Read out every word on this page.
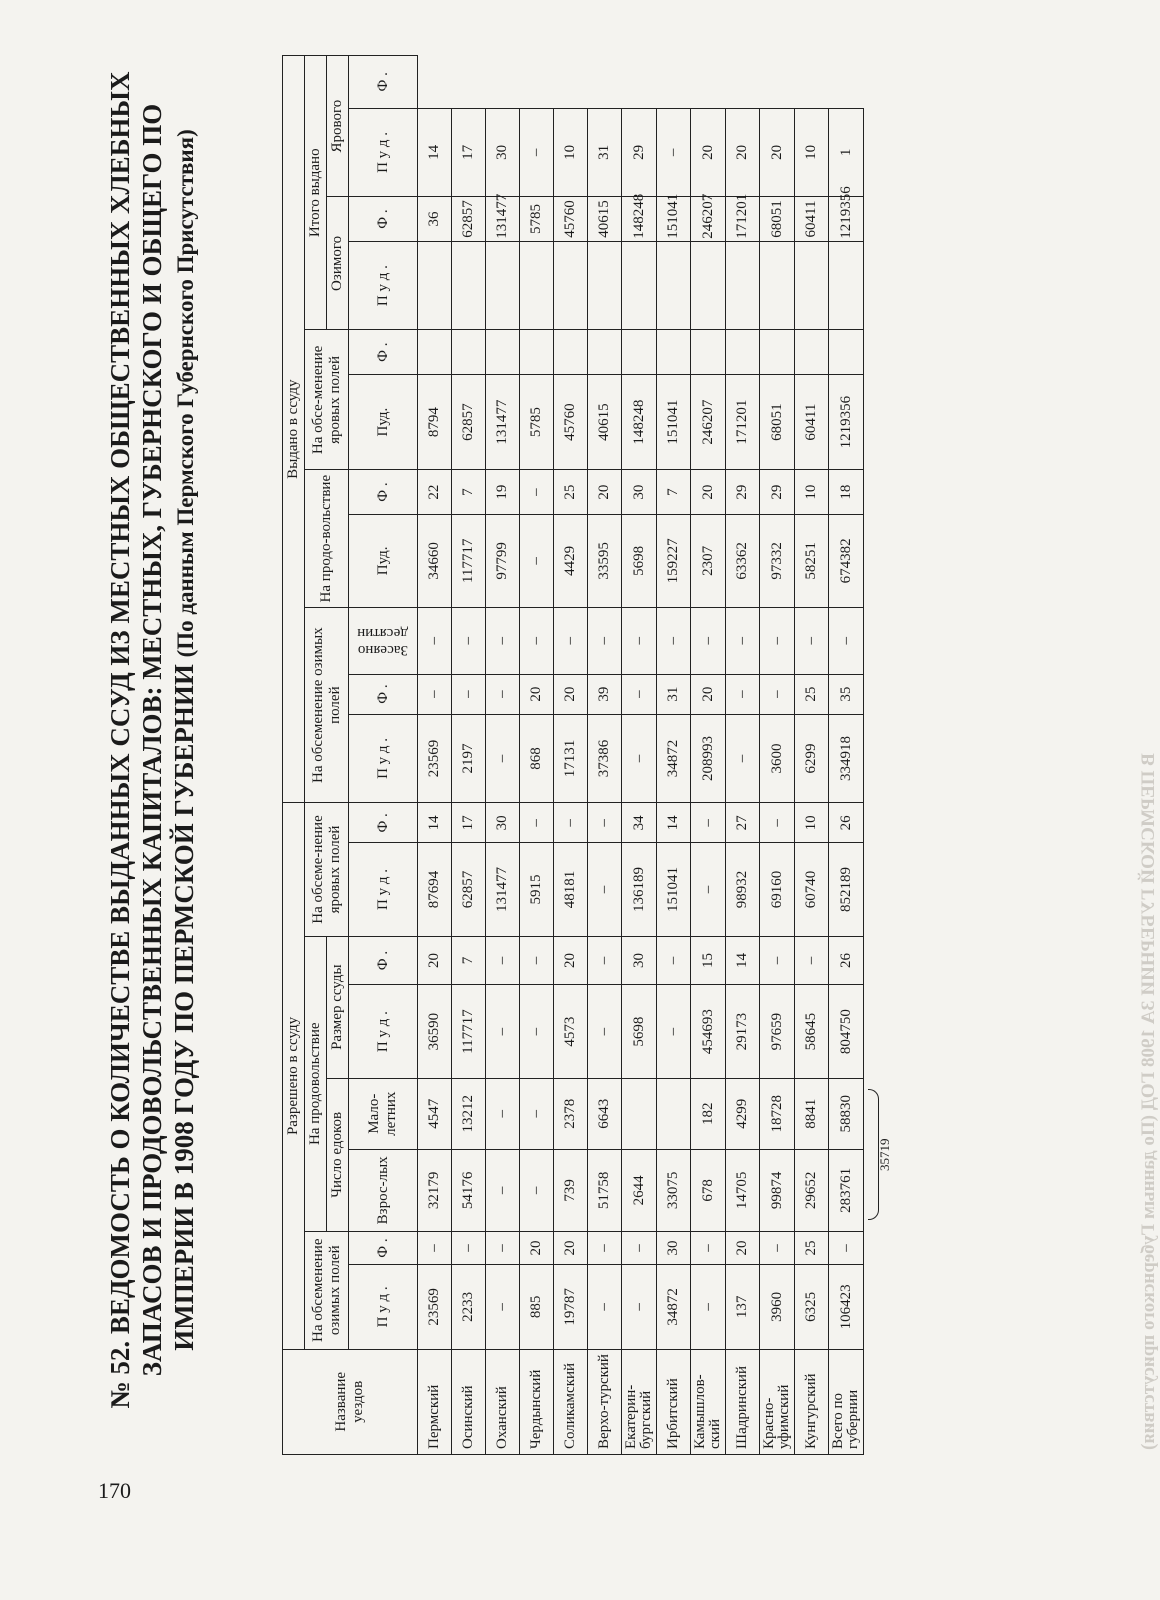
170
№ 52. ВЕДОМОСТЬ О КОЛИЧЕСТВЕ ВЫДАННЫХ ССУД ИЗ МЕСТНЫХ ОБЩЕСТВЕННЫХ ХЛЕБНЫХ ЗАПАСОВ И ПРОДОВОЛЬСТВЕННЫХ КАПИТАЛОВ: МЕСТНЫХ, ГУБЕРНСКОГО И ОБЩЕГО ПО ИМПЕРИИ В 1908 ГОДУ ПО ПЕРМСКОЙ ГУБЕРНИИ (По данным Пермского Губернского Присутствия)
Название уездов	Разрешено в ссуду								Выдано в ссуду										
	На обсеменение озимых полей		На продовольствие				На обсеме-нение яровых полей		На обсеменение озимых полей			На продо-вольствие		На обсе-менение яровых полей		Итого выдано			
			Число едоков		Размер ссуды											Озимого		Ярового	
	П у д .	Ф .	Взрос-лых	Мало-летних	П у д .	Ф .	П у д .	Ф .	П у д .	Ф .	Засеяно десятин	Пуд.	Ф .	Пуд.	Ф .	П у д .	Ф .	П у д .	Ф .
Пермский	23569	–	32179	4547	36590	20	87694	14	23569	–	–	34660	22	8794			36	14	
Осинский	2233	–	54176	13212	117717	7	62857	17	2197	–	–	117717	7	62857			62857	17	
Оханский	–	–	–	–	–	–	131477	30	–	–	–	97799	19	131477			131477	30	
Чердынский	885	20	–	–	–	–	5915	–	868	20	–	–	–	5785			5785	–	
Соликамский	19787	20	739	2378	4573	20	48181	–	17131	20	–	4429	25	45760			45760	10	
Верхо-турский	–	–	51758	6643	–	–	–	–	37386	39	–	33595	20	40615			40615	31	
Екатерин-бургский	–	–	2644		5698	30	136189	34	–	–	–	5698	30	148248			148248	29	
Ирбитский	34872	30	33075		–	–	151041	14	34872	31	–	159227	7	151041			151041	–	
Камышлов-ский	–	–	678	182	454693	15	–	–	208993	20	–	2307	20	246207			246207	20	
Шадринский	137	20	14705	4299	29173	14	98932	27	–	–	–	63362	29	171201			171201	20	
Красно-уфимский	3960	–	99874	18728	97659	–	69160	–	3600	–	–	97332	29	68051			68051	20	
Кунгурский	6325	25	29652	8841	58645	–	60740	10	6299	25	–	58251	10	60411			60411	10	
Всего по губернии	106423	–	283761	58830	804750	26	852189	26	334918	35	–	674382	18	1219356			1219356	1	

			35719																
		В ПЕРМСКОЙ ГУБЕРНИИ ЗА 1908 ГОД (По данным Губернского присутствия)
